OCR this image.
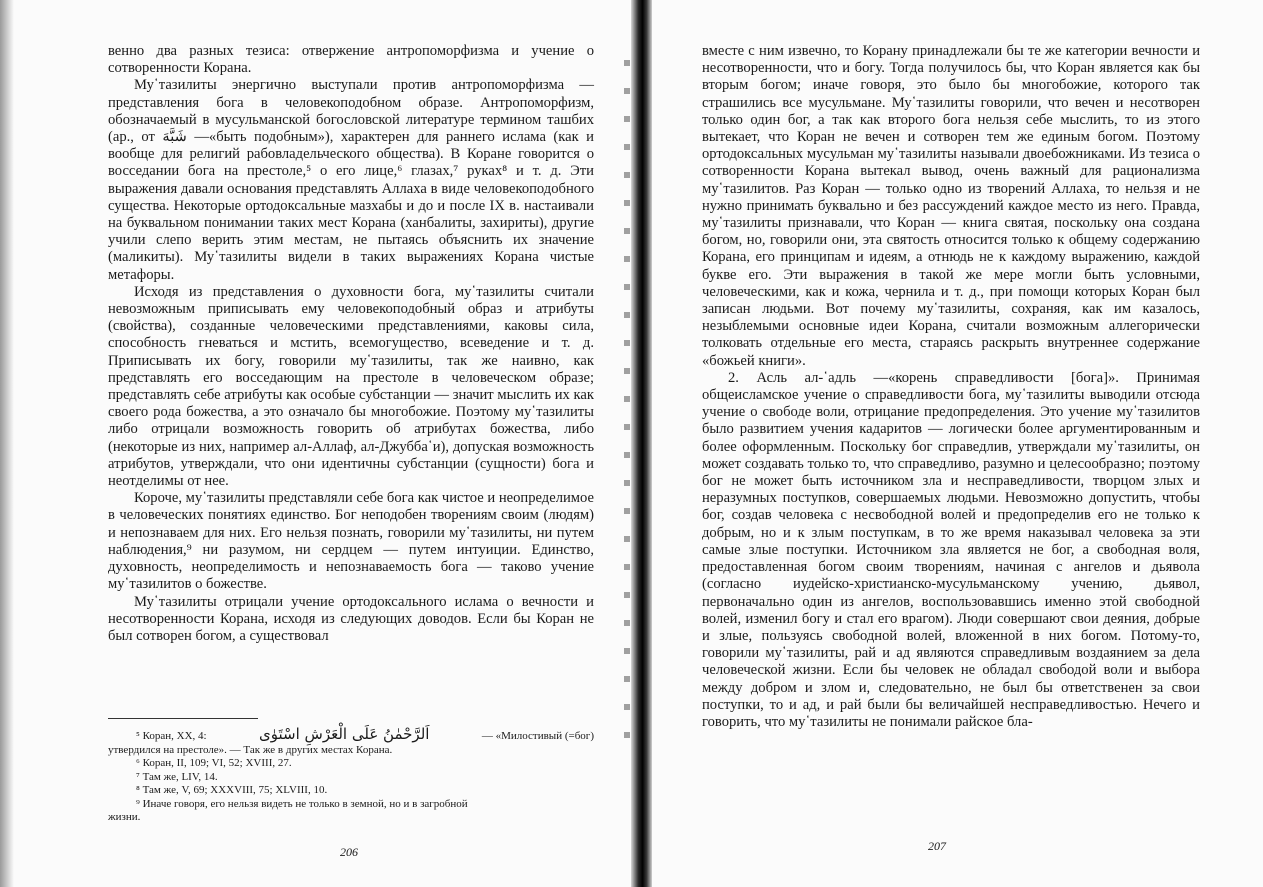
венно два разных тезиса: отвержение антропоморфизма и учение о сотворенности Корана.

Му῾тазилиты энергично выступали против антропоморфизма — представления бога в человекоподобном образе. Антропоморфизм, обозначаемый в мусульманской богословской литературе термином ташбих (ар., от شَبَّهَ —«быть подобным»), характерен для раннего ислама (как и вообще для религий рабовладельческого общества). В Коране говорится о восседании бога на престоле,⁵ о его лице,⁶ глазах,⁷ руках⁸ и т. д. Эти выражения давали основания представлять Аллаха в виде человекоподобного существа. Некоторые ортодоксальные мазхабы и до и после IX в. настаивали на буквальном понимании таких мест Корана (ханбалиты, захириты), другие учили слепо верить этим местам, не пытаясь объяснить их значение (маликиты). Му῾тазилиты видели в таких выражениях Корана чистые метафоры.

Исходя из представления о духовности бога, му῾тазилиты считали невозможным приписывать ему человекоподобный образ и атрибуты (свойства), созданные человеческими представлениями, каковы сила, способность гневаться и мстить, всемогущество, всеведение и т. д. Приписывать их богу, говорили му῾тазилиты, так же наивно, как представлять его восседающим на престоле в человеческом образе; представлять себе атрибуты как особые субстанции — значит мыслить их как своего рода божества, а это означало бы многобожие. Поэтому му῾тазилиты либо отрицали возможность говорить об атрибутах божества, либо (некоторые из них, например ал-Аллаф, ал-Джубба῾и), допуская возможность атрибутов, утверждали, что они идентичны субстанции (сущности) бога и неотделимы от нее.

Короче, му῾тазилиты представляли себе бога как чистое и неопределимое в человеческих понятиях единство. Бог неподобен творениям своим (людям) и непознаваем для них. Его нельзя познать, говорили му῾тазилиты, ни путем наблюдения,⁹ ни разумом, ни сердцем — путем интуиции. Единство, духовность, неопределимость и непознаваемость бога — таково учение му῾тазилитов о божестве.

Му῾тазилиты отрицали учение ортодоксального ислама о вечности и несотворенности Корана, исходя из следующих доводов. Если бы Коран не был сотворен богом, а существовал

⁵ Коран, XX, 4:	اَلرَّحْمٰنُ عَلَى الْعَرْشِ اسْتَوٰى	— «Милостивый (=бог)
утвердился на престоле». — Так же в других местах Корана.
⁶ Коран, II, 109; VI, 52; XVIII, 27.
⁷ Там же, LIV, 14.
⁸ Там же, V, 69; XXXVIII, 75; XLVIII, 10.
⁹ Иначе говоря, его нельзя видеть не только в земной, но и в загробной
жизни.
206

вместе с ним извечно, то Корану принадлежали бы те же категории вечности и несотворенности, что и богу. Тогда получилось бы, что Коран является как бы вторым богом; иначе говоря, это было бы многобожие, которого так страшились все мусульмане. Му῾тазилиты говорили, что вечен и несотворен только один бог, а так как второго бога нельзя себе мыслить, то из этого вытекает, что Коран не вечен и сотворен тем же единым богом. Поэтому ортодоксальных мусульман му῾тазилиты называли двоебожниками. Из тезиса о сотворенности Корана вытекал вывод, очень важный для рационализма му῾тазилитов. Раз Коран — только одно из творений Аллаха, то нельзя и не нужно принимать буквально и без рассуждений каждое место из него. Правда, му῾тазилиты признавали, что Коран — книга святая, поскольку она создана богом, но, говорили они, эта святость относится только к общему содержанию Корана, его принципам и идеям, а отнюдь не к каждому выражению, каждой букве его. Эти выражения в такой же мере могли быть условными, человеческими, как и кожа, чернила и т. д., при помощи которых Коран был записан людьми. Вот почему му῾тазилиты, сохраняя, как им казалось, незыблемыми основные идеи Корана, считали возможным аллегорически толковать отдельные его места, стараясь раскрыть внутреннее содержание «божьей книги».

2. Асль ал-῾адль —«корень справедливости [бога]». Принимая общеисламское учение о справедливости бога, му῾тазилиты выводили отсюда учение о свободе воли, отрицание предопределения. Это учение му῾тазилитов было развитием учения кадаритов — логически более аргументированным и более оформленным. Поскольку бог справедлив, утверждали му῾тазилиты, он может создавать только то, что справедливо, разумно и целесообразно; поэтому бог не может быть источником зла и несправедливости, творцом злых и неразумных поступков, совершаемых людьми. Невозможно допустить, чтобы бог, создав человека с несвободной волей и предопределив его не только к добрым, но и к злым поступкам, в то же время наказывал человека за эти самые злые поступки. Источником зла является не бог, а свободная воля, предоставленная богом своим творениям, начиная с ангелов и дьявола (согласно иудейско-христианско-мусульманскому учению, дьявол, первоначально один из ангелов, воспользовавшись именно этой свободной волей, изменил богу и стал его врагом). Люди совершают свои деяния, добрые и злые, пользуясь свободной волей, вложенной в них богом. Потому-то, говорили му῾тазилиты, рай и ад являются справедливым воздаянием за дела человеческой жизни. Если бы человек не обладал свободой воли и выбора между добром и злом и, следовательно, не был бы ответственен за свои поступки, то и ад, и рай были бы величайшей несправедливостью. Нечего и говорить, что му῾тазилиты не понимали райское бла-

207
